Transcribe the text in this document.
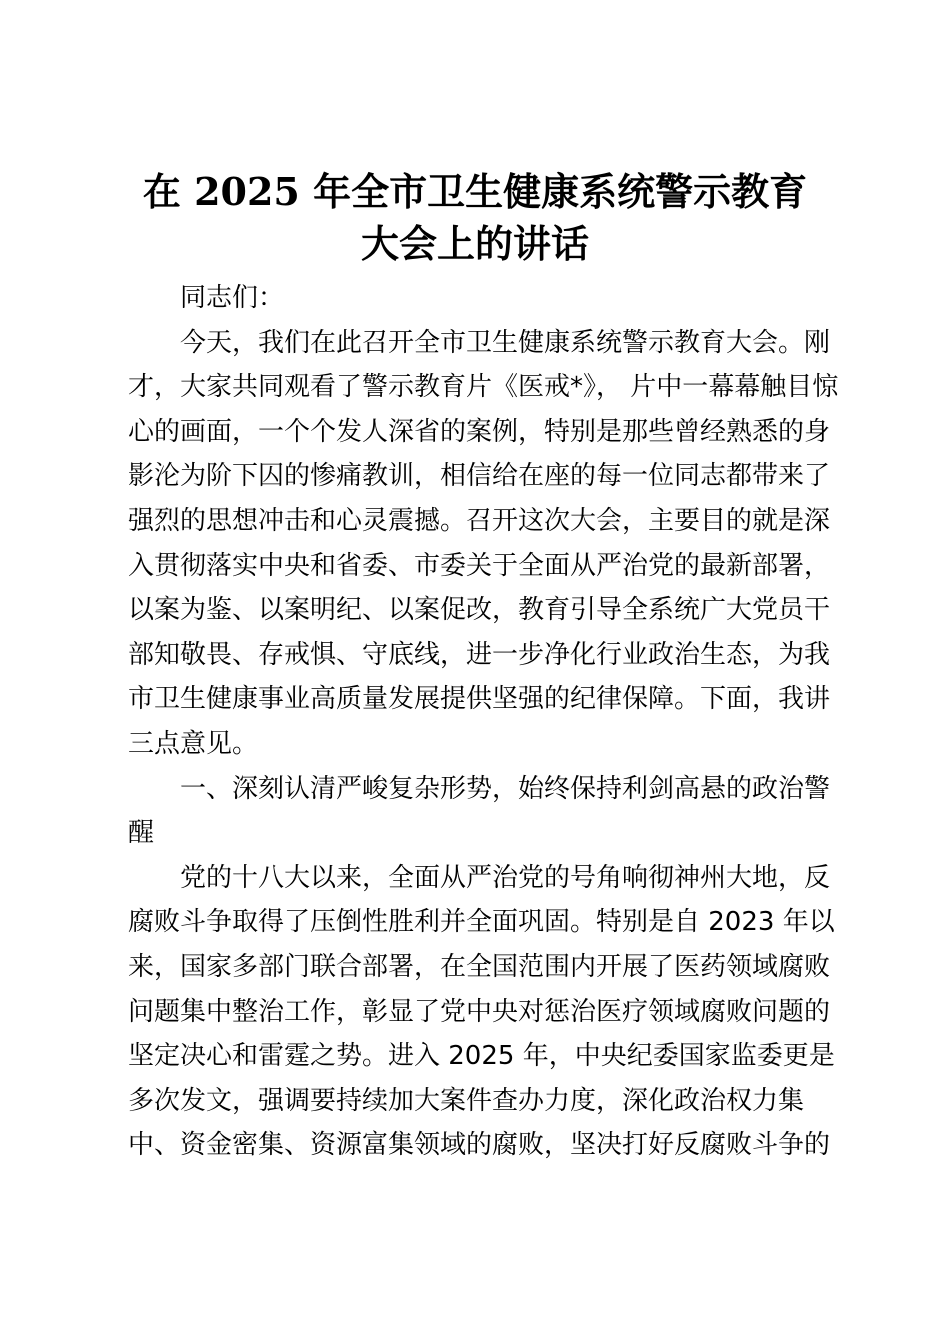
在 2025 年全市卫生健康系统警示教育
大会上的讲话
同志们：
今天，我们在此召开全市卫生健康系统警示教育大会。刚
才，大家共同观看了警示教育片《医戒*》， 片中一幕幕触目惊
心的画面，一个个发人深省的案例，特别是那些曾经熟悉的身
影沦为阶下囚的惨痛教训，相信给在座的每一位同志都带来了
强烈的思想冲击和心灵震撼。召开这次大会，主要目的就是深
入贯彻落实中央和省委、市委关于全面从严治党的最新部署，
以案为鉴、以案明纪、以案促改，教育引导全系统广大党员干
部知敬畏、存戒惧、守底线，进一步净化行业政治生态，为我
市卫生健康事业高质量发展提供坚强的纪律保障。下面，我讲
三点意见。
一、深刻认清严峻复杂形势，始终保持利剑高悬的政治警
醒
党的十八大以来，全面从严治党的号角响彻神州大地，反
腐败斗争取得了压倒性胜利并全面巩固。特别是自 2023 年以
来，国家多部门联合部署，在全国范围内开展了医药领域腐败
问题集中整治工作，彰显了党中央对惩治医疗领域腐败问题的
坚定决心和雷霆之势。进入 2025 年，中央纪委国家监委更是
多次发文，强调要持续加大案件查办力度，深化政治权力集
中、资金密集、资源富集领域的腐败，坚决打好反腐败斗争的
